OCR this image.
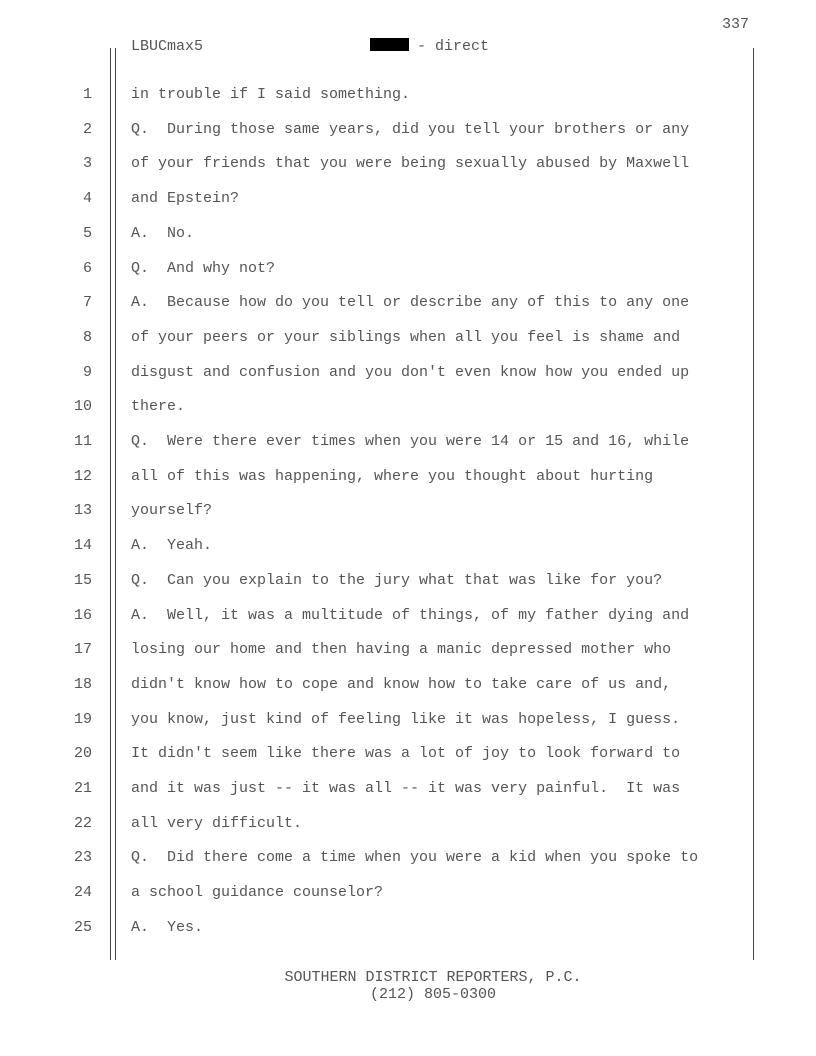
337
LBUCmax5	- direct
1	in trouble if I said something.
2	Q.  During those same years, did you tell your brothers or any
3	of your friends that you were being sexually abused by Maxwell
4	and Epstein?
5	A.  No.
6	Q.  And why not?
7	A.  Because how do you tell or describe any of this to any one
8	of your peers or your siblings when all you feel is shame and
9	disgust and confusion and you don't even know how you ended up
10	there.
11	Q.  Were there ever times when you were 14 or 15 and 16, while
12	all of this was happening, where you thought about hurting
13	yourself?
14	A.  Yeah.
15	Q.  Can you explain to the jury what that was like for you?
16	A.  Well, it was a multitude of things, of my father dying and
17	losing our home and then having a manic depressed mother who
18	didn't know how to cope and know how to take care of us and,
19	you know, just kind of feeling like it was hopeless, I guess.
20	It didn't seem like there was a lot of joy to look forward to
21	and it was just -- it was all -- it was very painful.  It was
22	all very difficult.
23	Q.  Did there come a time when you were a kid when you spoke to
24	a school guidance counselor?
25	A.  Yes.
SOUTHERN DISTRICT REPORTERS, P.C.
(212) 805-0300
